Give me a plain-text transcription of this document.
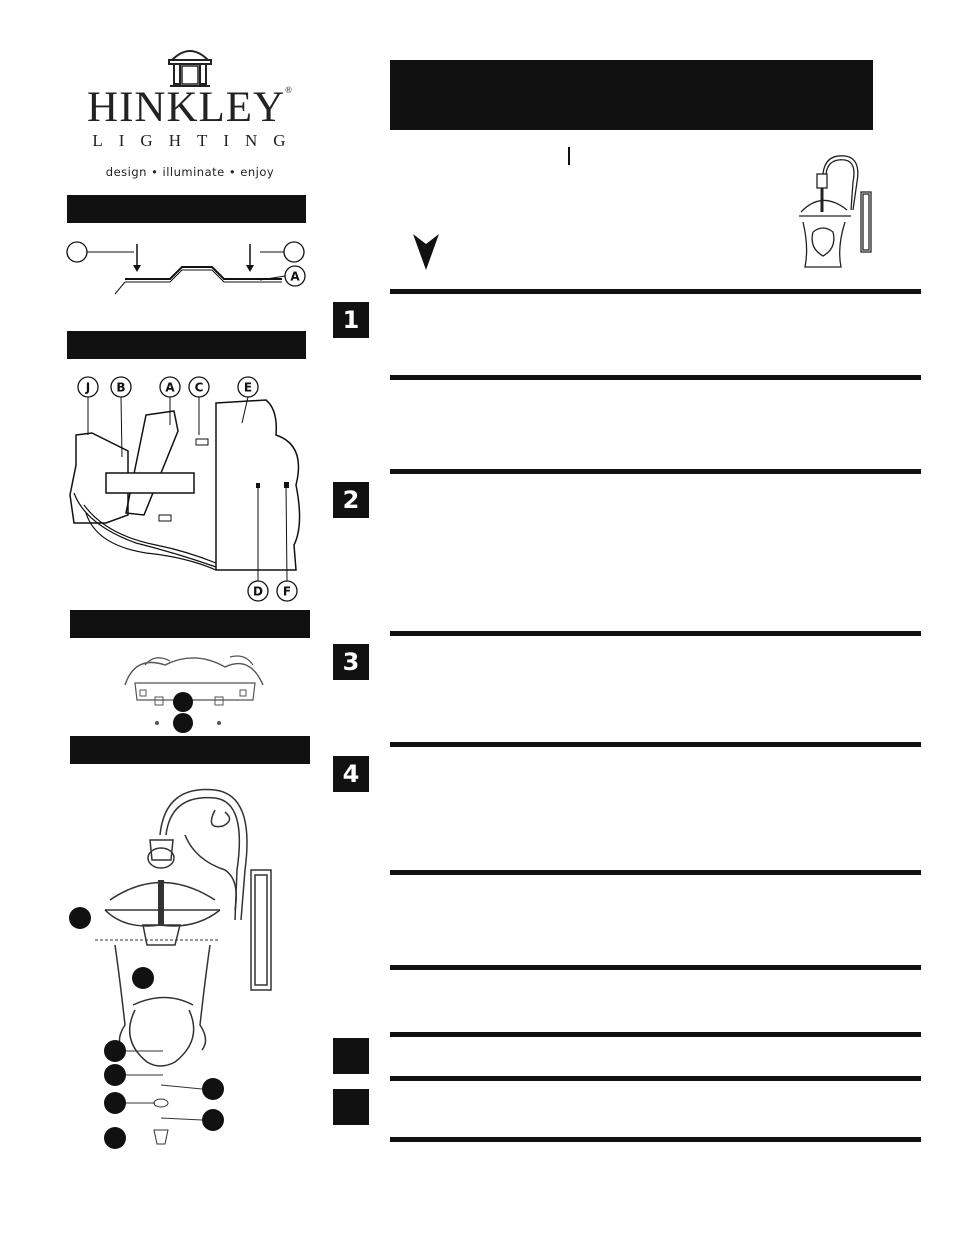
HINKLEY®
LIGHTING
design • illuminate • enjoy
A
J B	A C	E
D F
1
2
3
4
